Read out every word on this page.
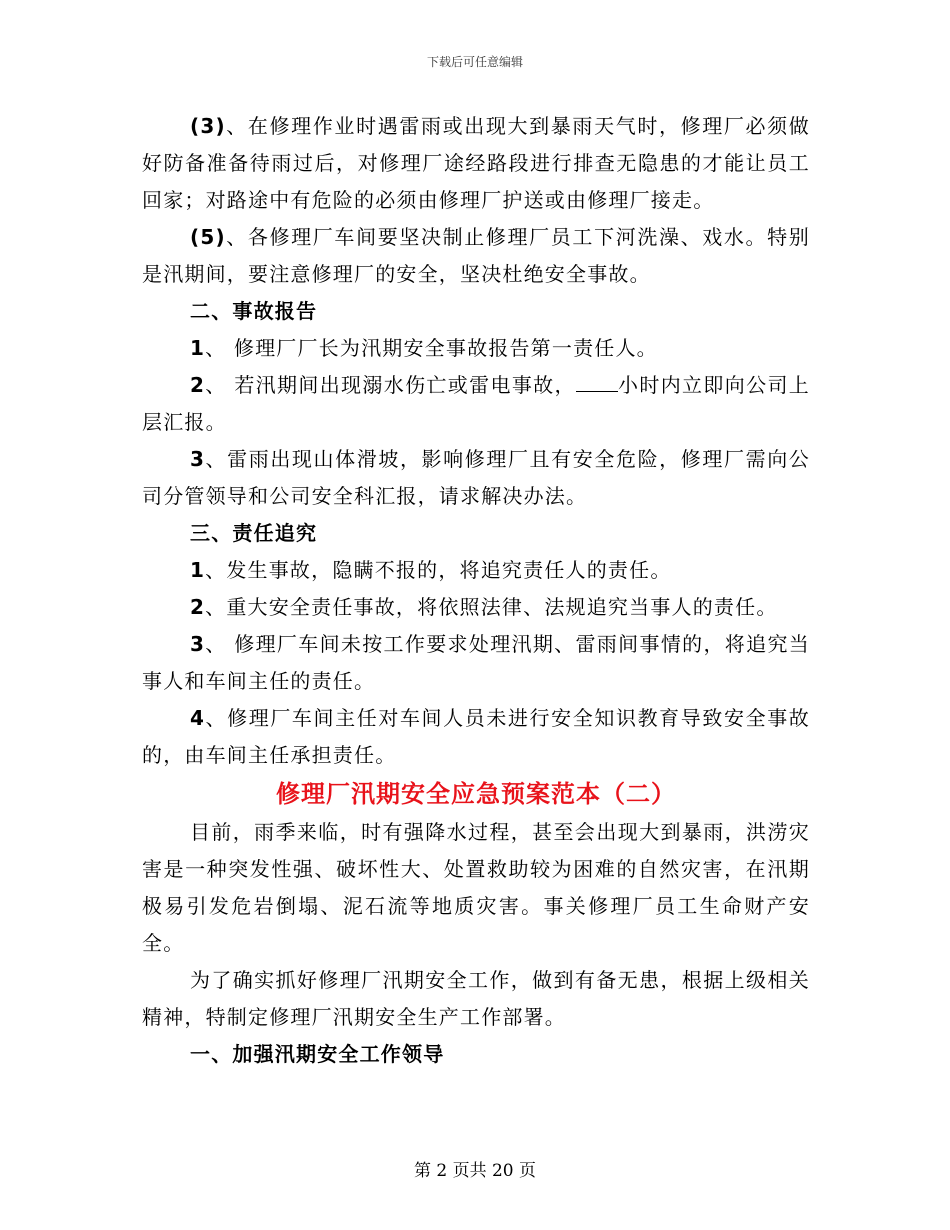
下载后可任意编辑

(3)、在修理作业时遇雷雨或出现大到暴雨天气时，修理厂必须做好防备准备待雨过后，对修理厂途经路段进行排查无隐患的才能让员工回家；对路途中有危险的必须由修理厂护送或由修理厂接走。

(5)、各修理厂车间要坚决制止修理厂员工下河洗澡、戏水。特别是汛期间，要注意修理厂的安全，坚决杜绝安全事故。

二、事故报告

1、 修理厂厂长为汛期安全事故报告第一责任人。

2、 若汛期间出现溺水伤亡或雷电事故， 小时内立即向公司上层汇报。

3、雷雨出现山体滑坡，影响修理厂且有安全危险，修理厂需向公司分管领导和公司安全科汇报，请求解决办法。

三、责任追究

1、发生事故，隐瞒不报的，将追究责任人的责任。

2、重大安全责任事故，将依照法律、法规追究当事人的责任。

3、 修理厂车间未按工作要求处理汛期、雷雨间事情的，将追究当事人和车间主任的责任。

4、修理厂车间主任对车间人员未进行安全知识教育导致安全事故的，由车间主任承担责任。

修理厂汛期安全应急预案范本（二）

目前，雨季来临，时有强降水过程，甚至会出现大到暴雨，洪涝灾害是一种突发性强、破坏性大、处置救助较为困难的自然灾害，在汛期极易引发危岩倒塌、泥石流等地质灾害。事关修理厂员工生命财产安全。

为了确实抓好修理厂汛期安全工作，做到有备无患，根据上级相关精神，特制定修理厂汛期安全生产工作部署。

一、加强汛期安全工作领导

第 2 页共 20 页
